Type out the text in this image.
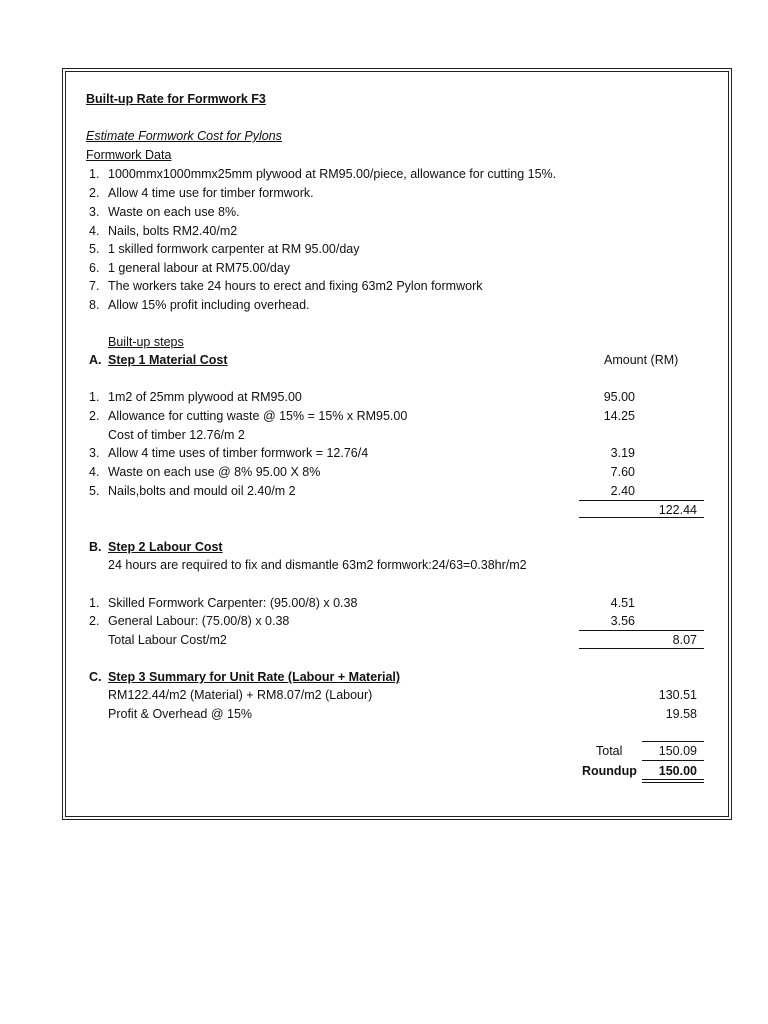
Built-up Rate for Formwork F3
Estimate Formwork Cost for Pylons
Formwork Data
1. 1000mmx1000mmx25mm plywood at RM95.00/piece, allowance for cutting 15%.
2. Allow 4 time use for timber formwork.
3. Waste on each use 8%.
4. Nails, bolts RM2.40/m2
5. 1 skilled formwork carpenter at RM 95.00/day
6. 1 general labour at RM75.00/day
7. The workers take 24 hours to erect and fixing 63m2 Pylon formwork
8. Allow 15% profit including overhead.
Built-up steps
A. Step 1 Material Cost	Amount (RM)
1. 1m2 of 25mm plywood at RM95.00	95.00
2. Allowance for cutting waste @ 15% = 15% x RM95.00	14.25
Cost of timber 12.76/m 2
3. Allow 4 time uses of timber formwork = 12.76/4	3.19
4. Waste on each use @ 8% 95.00 X 8%	7.60
5. Nails,bolts and mould oil 2.40/m 2	2.40
122.44
B. Step 2 Labour Cost
24 hours are required to fix and dismantle 63m2 formwork:24/63=0.38hr/m2
1. Skilled Formwork Carpenter: (95.00/8) x 0.38	4.51
2. General Labour: (75.00/8) x 0.38	3.56
Total Labour Cost/m2	8.07
C. Step 3 Summary for Unit Rate (Labour + Material)
RM122.44/m2 (Material) + RM8.07/m2 (Labour)	130.51
Profit & Overhead @ 15%	19.58
Total	150.09
Roundup	150.00
